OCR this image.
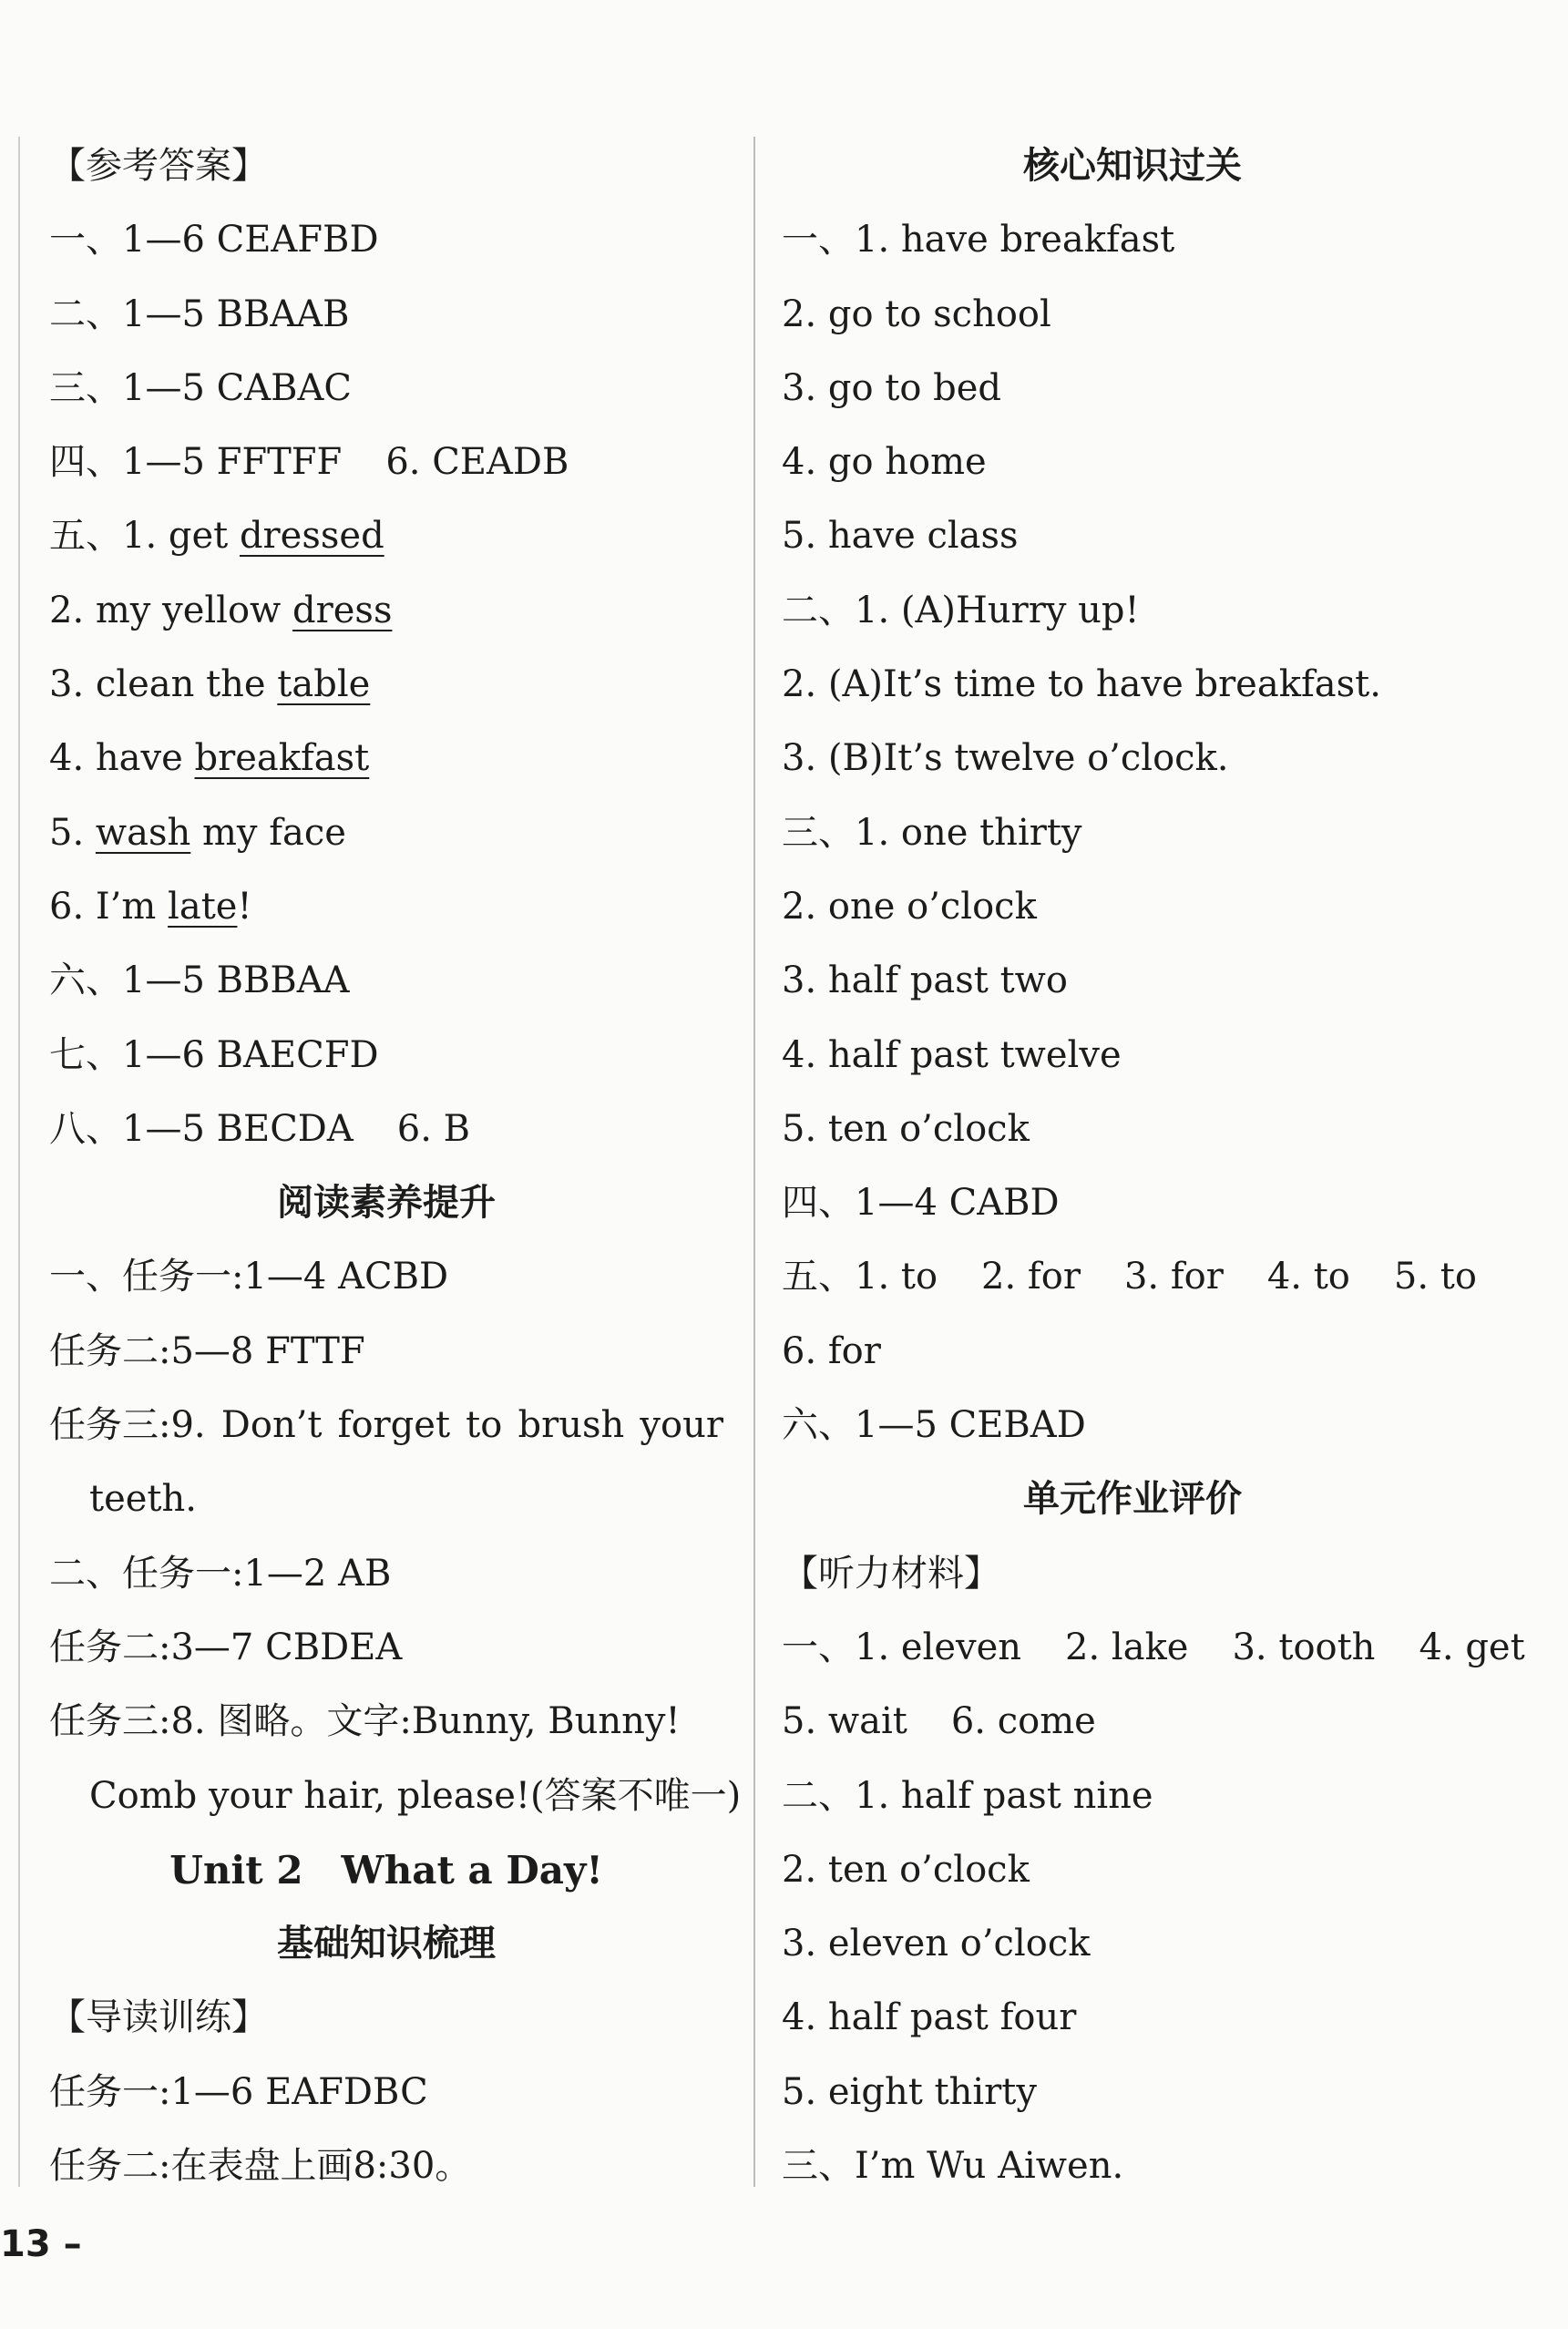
【参考答案】
一、1—6 CEAFBD
二、1—5 BBAAB
三、1—5 CABAC
四、1—5 FFTFF 6. CEADB
五、1. get dressed
2. my yellow dress
3. clean the table
4. have breakfast
5. wash my face
6. I’m late!
六、1—5 BBBAA
七、1—6 BAECFD
八、1—5 BECDA 6. B
阅读素养提升
一、任务一:1—4 ACBD
任务二:5—8 FTTF
任务三:9. Don’t forget to brush your
teeth.
二、任务一:1—2 AB
任务二:3—7 CBDEA
任务三:8. 图略。文字:Bunny, Bunny!
Comb your hair, please!(答案不唯一)
Unit 2　What a Day!
基础知识梳理
【导读训练】
任务一:1—6 EAFDBC
任务二:在表盘上画8:30。
核心知识过关
一、1. have breakfast
2. go to school
3. go to bed
4. go home
5. have class
二、1. (A)Hurry up!
2. (A)It’s time to have breakfast.
3. (B)It’s twelve o’clock.
三、1. one thirty
2. one o’clock
3. half past two
4. half past twelve
5. ten o’clock
四、1—4 CABD
五、1. to 2. for 3. for 4. to 5. to
6. for
六、1—5 CEBAD
单元作业评价
【听力材料】
一、1. eleven 2. lake 3. tooth 4. get
5. wait 6. come
二、1. half past nine
2. ten o’clock
3. eleven o’clock
4. half past four
5. eight thirty
三、I’m Wu Aiwen.
13 –
